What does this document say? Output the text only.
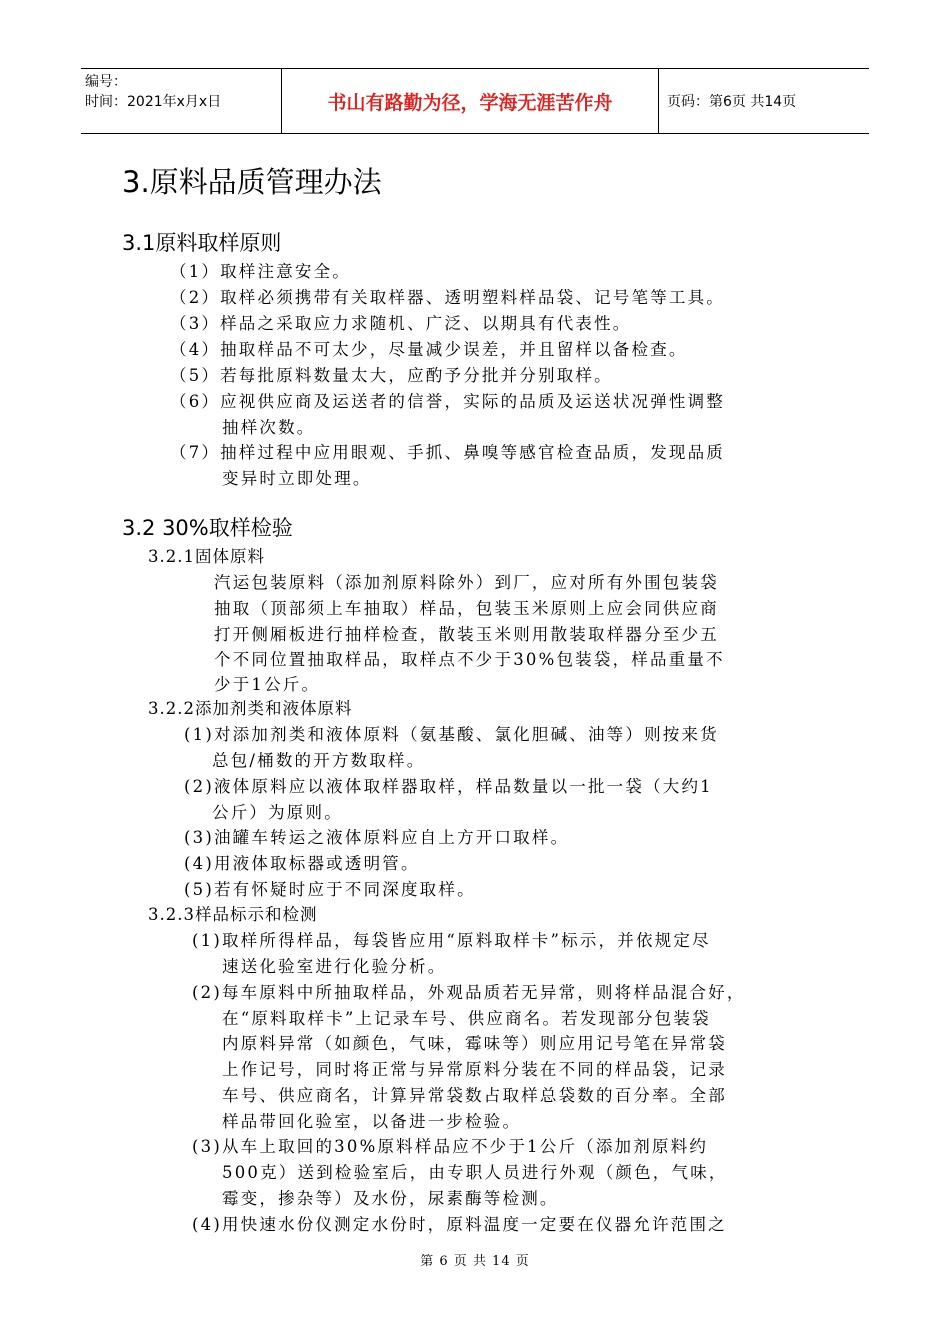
编号：
时间：2021年x月x日	书山有路勤为径，学海无涯苦作舟	页码：第6页 共14页
3.原料品质管理办法
3.1原料取样原则
（1）取样注意安全。
（2）取样必须携带有关取样器、透明塑料样品袋、记号笔等工具。
（3）样品之采取应力求随机、广泛、以期具有代表性。
（4）抽取样品不可太少，尽量减少误差，并且留样以备检查。
（5）若每批原料数量太大，应酌予分批并分别取样。
（6）应视供应商及运送者的信誉，实际的品质及运送状况弹性调整
抽样次数。
（7）抽样过程中应用眼观、手抓、鼻嗅等感官检查品质，发现品质
变异时立即处理。
3.2 30%取样检验
3.2.1固体原料
汽运包装原料（添加剂原料除外）到厂，应对所有外围包装袋
抽取（顶部须上车抽取）样品，包装玉米原则上应会同供应商
打开侧厢板进行抽样检查，散装玉米则用散装取样器分至少五
个不同位置抽取样品，取样点不少于30%包装袋，样品重量不
少于1公斤。
3.2.2添加剂类和液体原料
(1)对添加剂类和液体原料（氨基酸、氯化胆碱、油等）则按来货
总包/桶数的开方数取样。
(2)液体原料应以液体取样器取样，样品数量以一批一袋（大约1
公斤）为原则。
(3)油罐车转运之液体原料应自上方开口取样。
(4)用液体取标器或透明管。
(5)若有怀疑时应于不同深度取样。
3.2.3样品标示和检测
(1)取样所得样品，每袋皆应用“原料取样卡”标示，并依规定尽
速送化验室进行化验分析。
(2)每车原料中所抽取样品，外观品质若无异常，则将样品混合好，
在“原料取样卡”上记录车号、供应商名。若发现部分包装袋
内原料异常（如颜色，气味，霉味等）则应用记号笔在异常袋
上作记号，同时将正常与异常原料分装在不同的样品袋，记录
车号、供应商名，计算异常袋数占取样总袋数的百分率。全部
样品带回化验室，以备进一步检验。
(3)从车上取回的30%原料样品应不少于1公斤（添加剂原料约
500克）送到检验室后，由专职人员进行外观（颜色，气味，
霉变，掺杂等）及水份，尿素酶等检测。
(4)用快速水份仪测定水份时，原料温度一定要在仪器允许范围之
第 6 页 共 14 页
